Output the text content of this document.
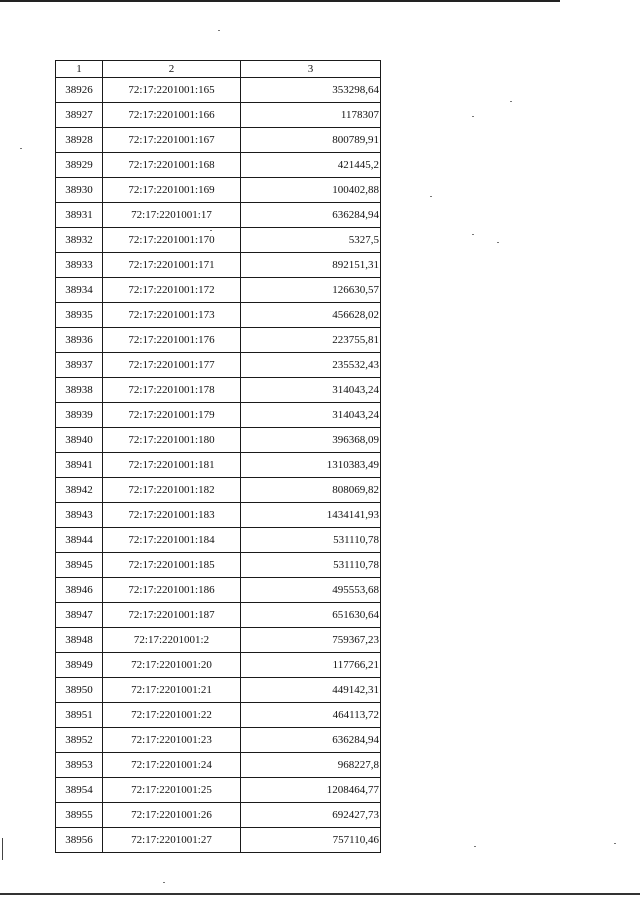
1	2	3
38926	72:17:2201001:165	353298,64
38927	72:17:2201001:166	1178307
38928	72:17:2201001:167	800789,91
38929	72:17:2201001:168	421445,2
38930	72:17:2201001:169	100402,88
38931	72:17:2201001:17	636284,94
38932	72:17:2201001:170	5327,5
38933	72:17:2201001:171	892151,31
38934	72:17:2201001:172	126630,57
38935	72:17:2201001:173	456628,02
38936	72:17:2201001:176	223755,81
38937	72:17:2201001:177	235532,43
38938	72:17:2201001:178	314043,24
38939	72:17:2201001:179	314043,24
38940	72:17:2201001:180	396368,09
38941	72:17:2201001:181	1310383,49
38942	72:17:2201001:182	808069,82
38943	72:17:2201001:183	1434141,93
38944	72:17:2201001:184	531110,78
38945	72:17:2201001:185	531110,78
38946	72:17:2201001:186	495553,68
38947	72:17:2201001:187	651630,64
38948	72:17:2201001:2	759367,23
38949	72:17:2201001:20	117766,21
38950	72:17:2201001:21	449142,31
38951	72:17:2201001:22	464113,72
38952	72:17:2201001:23	636284,94
38953	72:17:2201001:24	968227,8
38954	72:17:2201001:25	1208464,77
38955	72:17:2201001:26	692427,73
38956	72:17:2201001:27	757110,46
